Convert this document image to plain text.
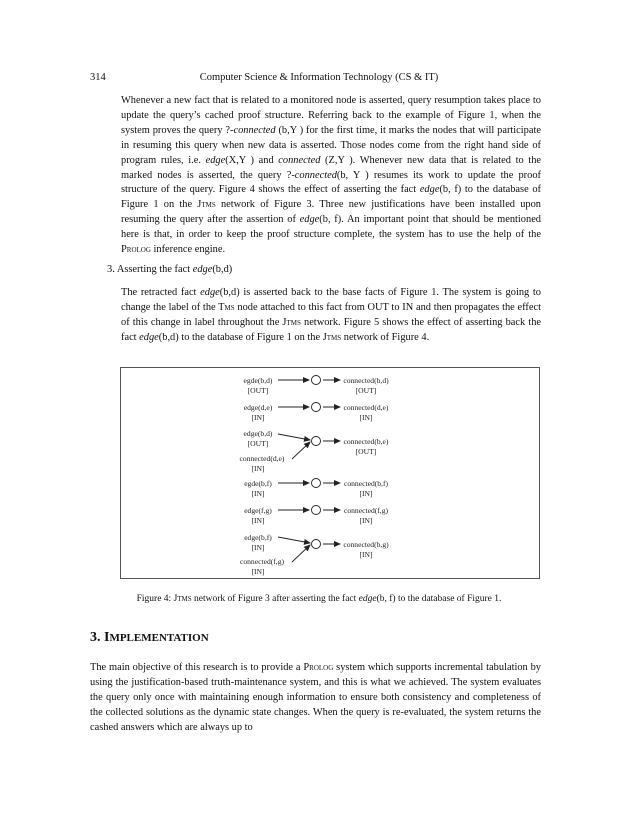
314	Computer Science & Information Technology (CS & IT)
Whenever a new fact that is related to a monitored node is asserted, query resumption takes place to update the query’s cached proof structure. Referring back to the example of Figure 1, when the system proves the query ?-connected (b,Y ) for the first time, it marks the nodes that will participate in resuming this query when new data is asserted. Those nodes come from the right hand side of program rules, i.e. edge(X,Y ) and connected (Z,Y ). Whenever new data that is related to the marked nodes is asserted, the query ?-connected(b, Y ) resumes its work to update the proof structure of the query. Figure 4 shows the effect of asserting the fact edge(b, f) to the database of Figure 1 on the Jtms network of Figure 3. Three new justifications have been installed upon resuming the query after the assertion of edge(b, f). An important point that should be mentioned here is that, in order to keep the proof structure complete, the system has to use the help of the Prolog inference engine.
3. Asserting the fact edge(b,d)
The retracted fact edge(b,d) is asserted back to the base facts of Figure 1. The system is going to change the label of the Tms node attached to this fact from OUT to IN and then propagates the effect of this change in label throughout the Jtms network. Figure 5 shows the effect of asserting back the fact edge(b,d) to the database of Figure 1 on the Jtms network of Figure 4.
egde(b,d)
[OUT]
edge(d,e)
[IN]
edge(b,d)
[OUT]
connected(d,e)
[IN]
egde(b,f)
[IN]
edge(f,g)
[IN]
edge(b,f)
[IN]
connected(f,g)
[IN]
connected(b,d)
[OUT]
connected(d,e)
[IN]
connected(b,e)
[OUT]
connected(b,f)
[IN]
connected(f,g)
[IN]
connected(b,g)
[IN]
Figure 4: Jtms network of Figure 3 after asserting the fact edge(b, f) to the database of Figure 1.
3. IMPLEMENTATION
The main objective of this research is to provide a Prolog system which supports incremental tabulation by using the justification-based truth-maintenance system, and this is what we achieved. The system evaluates the query only once with maintaining enough information to ensure both consistency and completeness of the collected solutions as the dynamic state changes. When the query is re-evaluated, the system returns the cashed answers which are always up to
